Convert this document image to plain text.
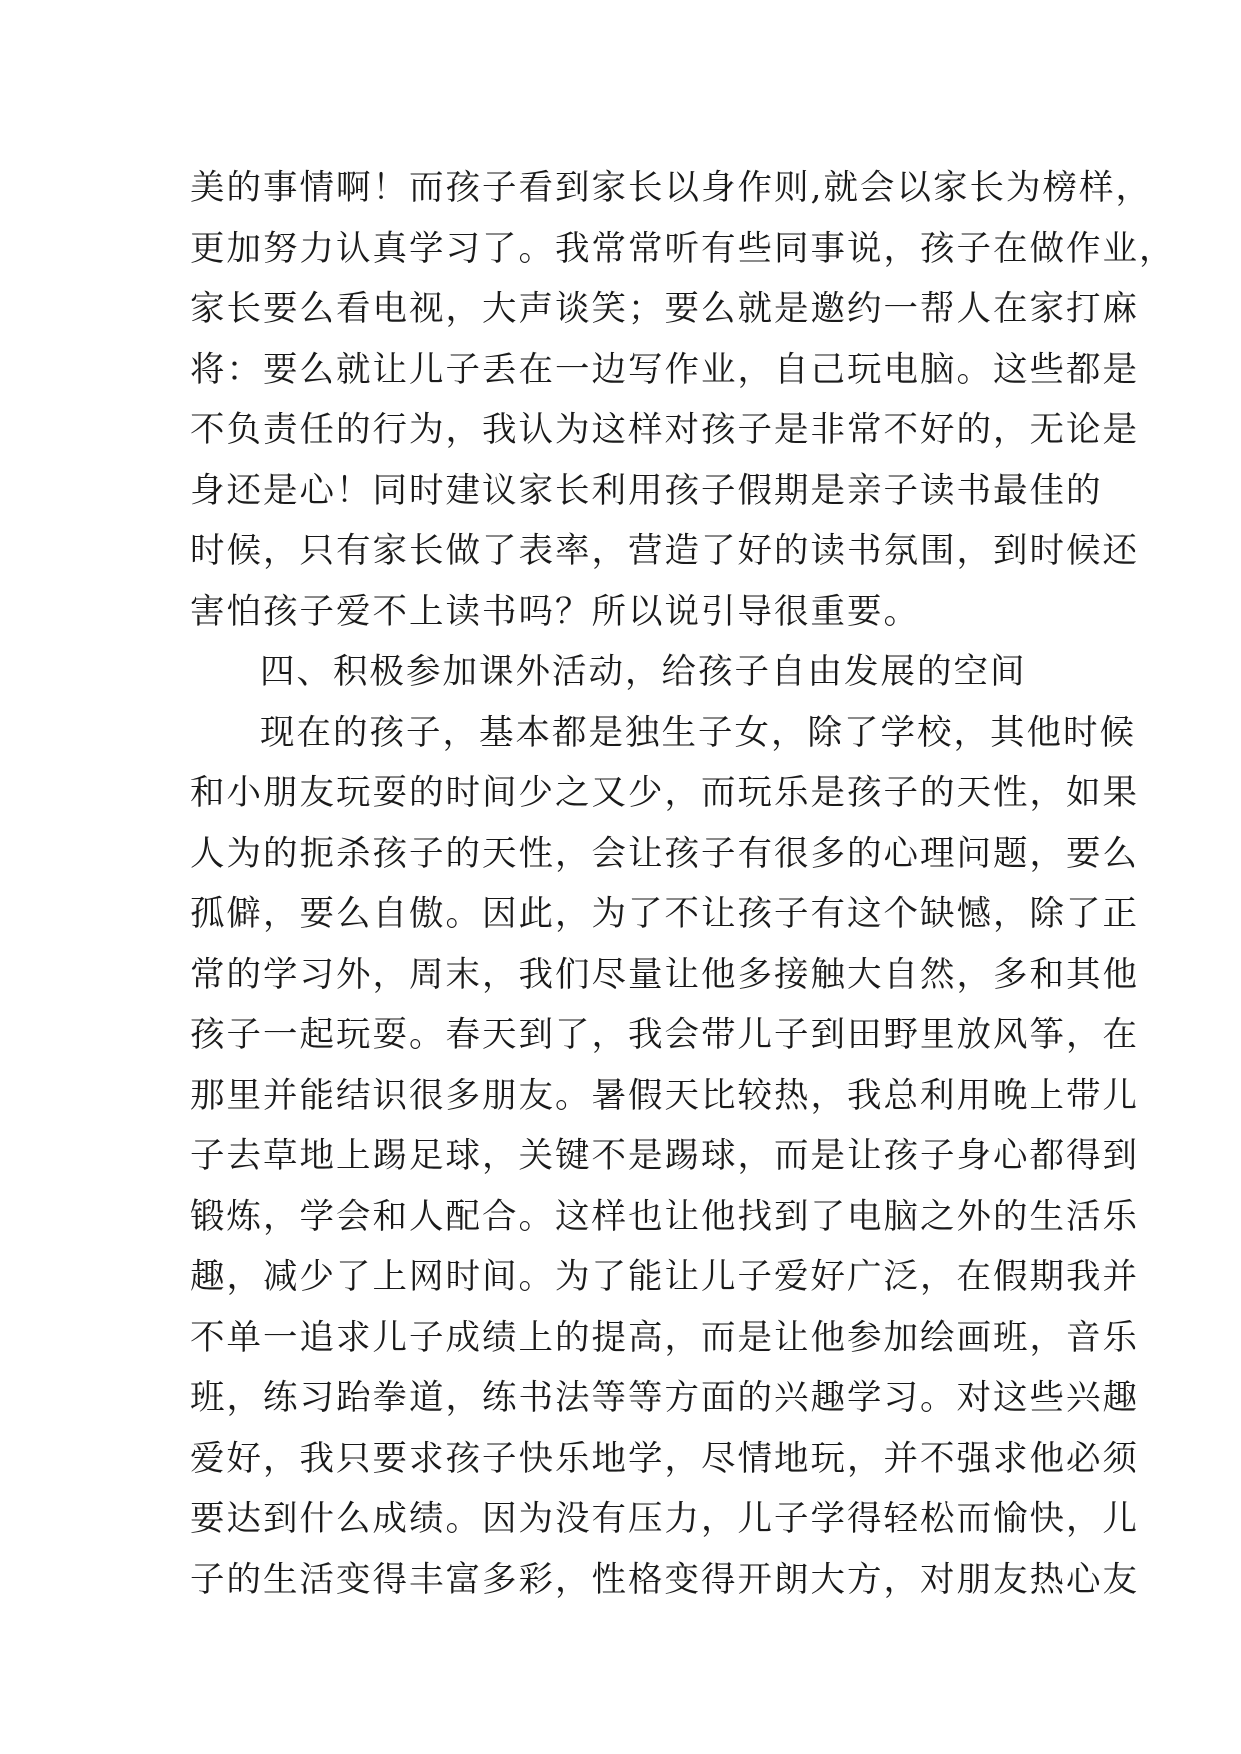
美的事情啊！而孩子看到家长以身作则,就会以家长为榜样，
更加努力认真学习了。我常常听有些同事说，孩子在做作业，
家长要么看电视，大声谈笑；要么就是邀约一帮人在家打麻
将：要么就让儿子丢在一边写作业，自己玩电脑。这些都是
不负责任的行为，我认为这样对孩子是非常不好的，无论是
身还是心！同时建议家长利用孩子假期是亲子读书最佳的
时候，只有家长做了表率，营造了好的读书氛围，到时候还
害怕孩子爱不上读书吗？所以说引导很重要。
四、积极参加课外活动，给孩子自由发展的空间
现在的孩子，基本都是独生子女，除了学校，其他时候
和小朋友玩耍的时间少之又少，而玩乐是孩子的天性，如果
人为的扼杀孩子的天性，会让孩子有很多的心理问题，要么
孤僻，要么自傲。因此，为了不让孩子有这个缺憾，除了正
常的学习外，周末，我们尽量让他多接触大自然，多和其他
孩子一起玩耍。春天到了，我会带儿子到田野里放风筝，在
那里并能结识很多朋友。暑假天比较热，我总利用晚上带儿
子去草地上踢足球，关键不是踢球，而是让孩子身心都得到
锻炼，学会和人配合。这样也让他找到了电脑之外的生活乐
趣，减少了上网时间。为了能让儿子爱好广泛，在假期我并
不单一追求儿子成绩上的提高，而是让他参加绘画班，音乐
班，练习跆拳道，练书法等等方面的兴趣学习。对这些兴趣
爱好，我只要求孩子快乐地学，尽情地玩，并不强求他必须
要达到什么成绩。因为没有压力，儿子学得轻松而愉快，儿
子的生活变得丰富多彩，性格变得开朗大方，对朋友热心友
